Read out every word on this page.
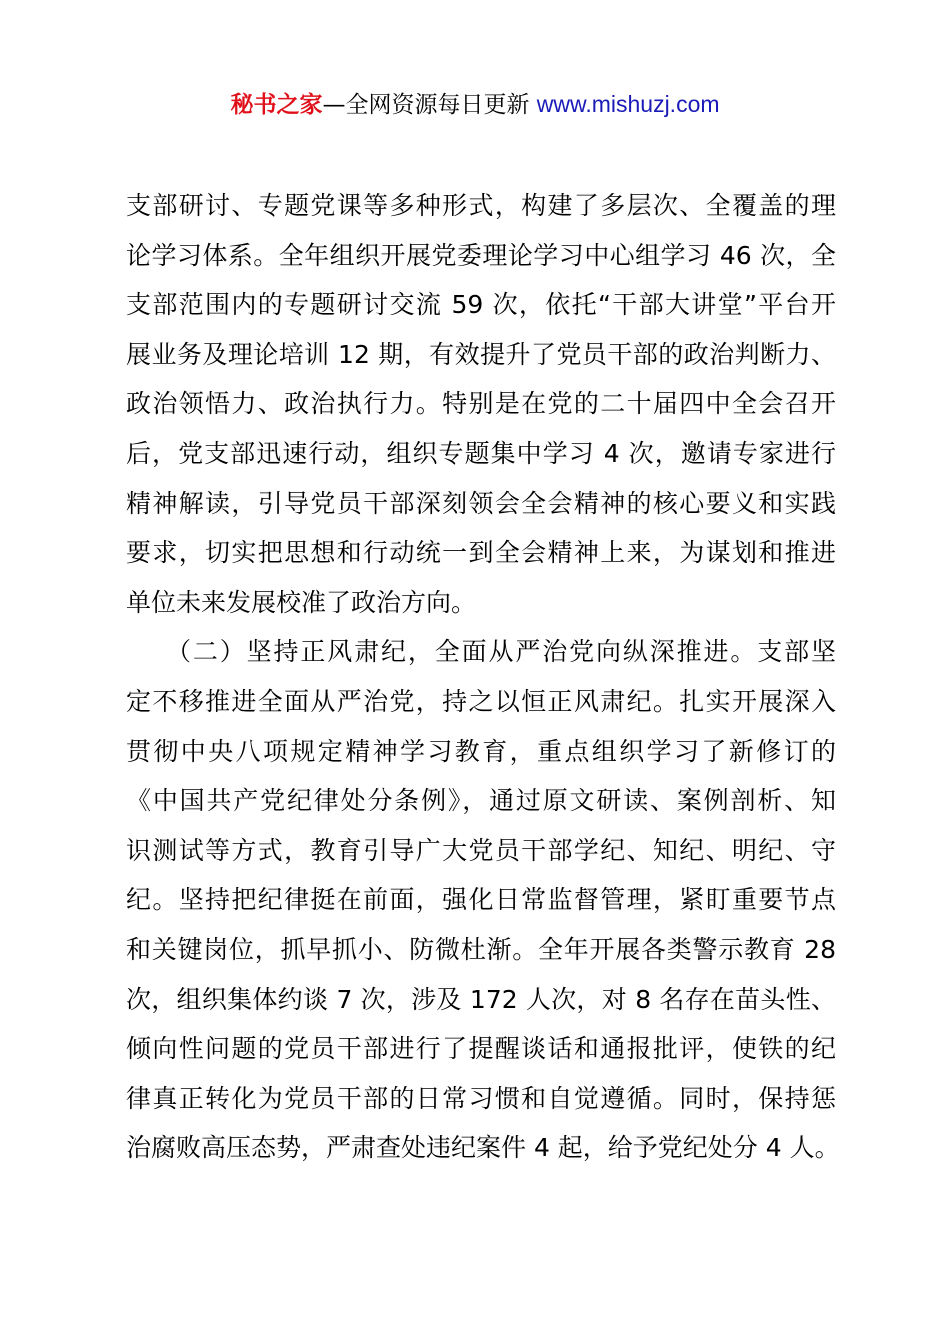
秘书之家—全网资源每日更新 www.mishuzj.com
支部研讨、专题党课等多种形式，构建了多层次、全覆盖的理
论学习体系。全年组织开展党委理论学习中心组学习 46 次，全
支部范围内的专题研讨交流 59 次，依托“干部大讲堂”平台开
展业务及理论培训 12 期，有效提升了党员干部的政治判断力、
政治领悟力、政治执行力。特别是在党的二十届四中全会召开
后，党支部迅速行动，组织专题集中学习 4 次，邀请专家进行
精神解读，引导党员干部深刻领会全会精神的核心要义和实践
要求，切实把思想和行动统一到全会精神上来，为谋划和推进
单位未来发展校准了政治方向。
（二）坚持正风肃纪，全面从严治党向纵深推进。支部坚
定不移推进全面从严治党，持之以恒正风肃纪。扎实开展深入
贯彻中央八项规定精神学习教育，重点组织学习了新修订的
《中国共产党纪律处分条例》，通过原文研读、案例剖析、知
识测试等方式，教育引导广大党员干部学纪、知纪、明纪、守
纪。坚持把纪律挺在前面，强化日常监督管理，紧盯重要节点
和关键岗位，抓早抓小、防微杜渐。全年开展各类警示教育 28
次，组织集体约谈 7 次，涉及 172 人次，对 8 名存在苗头性、
倾向性问题的党员干部进行了提醒谈话和通报批评，使铁的纪
律真正转化为党员干部的日常习惯和自觉遵循。同时，保持惩
治腐败高压态势，严肃查处违纪案件 4 起，给予党纪处分 4 人。
